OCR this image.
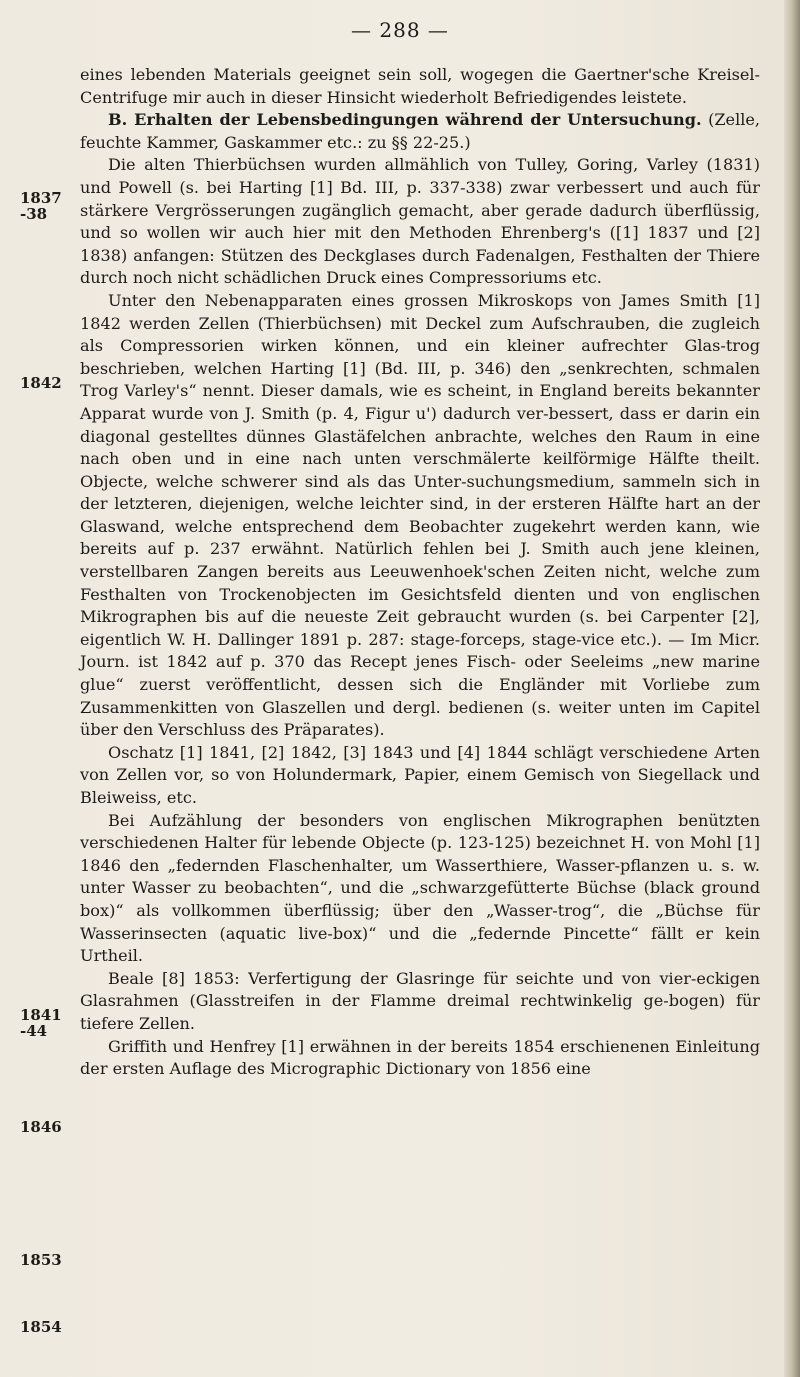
— 288 —
1837
-38
1842
1841
-44
1846
1853
1854

eines lebenden Materials geeignet sein soll, wogegen die Gaertner'sche Kreisel-Centrifuge mir auch in dieser Hinsicht wiederholt Befriedigendes leistete.

B. Erhalten der Lebensbedingungen während der Untersuchung. (Zelle, feuchte Kammer, Gaskammer etc.: zu §§ 22-25.)

Die alten Thierbüchsen wurden allmählich von Tulley, Goring, Varley (1831) und Powell (s. bei Harting [1] Bd. III, p. 337-338) zwar verbessert und auch für stärkere Vergrösserungen zugänglich gemacht, aber gerade dadurch überflüssig, und so wollen wir auch hier mit den Methoden Ehrenberg's ([1] 1837 und [2] 1838) anfangen: Stützen des Deckglases durch Fadenalgen, Festhalten der Thiere durch noch nicht schädlichen Druck eines Compressoriums etc.

Unter den Nebenapparaten eines grossen Mikroskops von James Smith [1] 1842 werden Zellen (Thierbüchsen) mit Deckel zum Aufschrauben, die zugleich als Compressorien wirken können, und ein kleiner aufrechter Glas-trog beschrieben, welchen Harting [1] (Bd. III, p. 346) den „senkrechten, schmalen Trog Varley's“ nennt. Dieser damals, wie es scheint, in England bereits bekannter Apparat wurde von J. Smith (p. 4, Figur u') dadurch ver-bessert, dass er darin ein diagonal gestelltes dünnes Glastäfelchen anbrachte, welches den Raum in eine nach oben und in eine nach unten verschmälerte keilförmige Hälfte theilt. Objecte, welche schwerer sind als das Unter-suchungsmedium, sammeln sich in der letzteren, diejenigen, welche leichter sind, in der ersteren Hälfte hart an der Glaswand, welche entsprechend dem Beobachter zugekehrt werden kann, wie bereits auf p. 237 erwähnt. Natürlich fehlen bei J. Smith auch jene kleinen, verstellbaren Zangen bereits aus Leeuwenhoek'schen Zeiten nicht, welche zum Festhalten von Trockenobjecten im Gesichtsfeld dienten und von englischen Mikrographen bis auf die neueste Zeit gebraucht wurden (s. bei Carpenter [2], eigentlich W. H. Dallinger 1891 p. 287: stage-forceps, stage-vice etc.). — Im Micr. Journ. ist 1842 auf p. 370 das Recept jenes Fisch- oder Seeleims „new marine glue“ zuerst veröffentlicht, dessen sich die Engländer mit Vorliebe zum Zusammenkitten von Glaszellen und dergl. bedienen (s. weiter unten im Capitel über den Verschluss des Präparates).

Oschatz [1] 1841, [2] 1842, [3] 1843 und [4] 1844 schlägt verschiedene Arten von Zellen vor, so von Holundermark, Papier, einem Gemisch von Siegellack und Bleiweiss, etc.

Bei Aufzählung der besonders von englischen Mikrographen benützten verschiedenen Halter für lebende Objecte (p. 123-125) bezeichnet H. von Mohl [1] 1846 den „federnden Flaschenhalter, um Wasserthiere, Wasser-pflanzen u. s. w. unter Wasser zu beobachten“, und die „schwarzgefütterte Büchse (black ground box)“ als vollkommen überflüssig; über den „Wasser-trog“, die „Büchse für Wasserinsecten (aquatic live-box)“ und die „federnde Pincette“ fällt er kein Urtheil.

Beale [8] 1853: Verfertigung der Glasringe für seichte und von vier-eckigen Glasrahmen (Glasstreifen in der Flamme dreimal rechtwinkelig ge-bogen) für tiefere Zellen.

Griffith und Henfrey [1] erwähnen in der bereits 1854 erschienenen Einleitung der ersten Auflage des Micrographic Dictionary von 1856 eine
